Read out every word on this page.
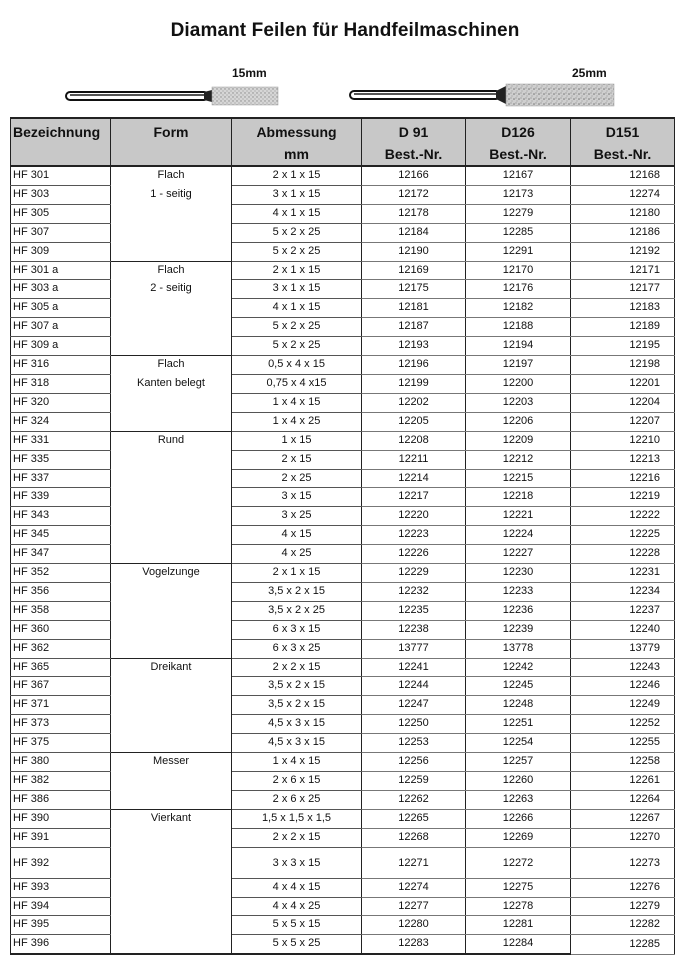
Diamant Feilen für Handfeilmaschinen
15mm	25mm
Bezeichnung	Form	Abmessung	D 91	D126	D151
		mm	Best.-Nr.	Best.-Nr.	Best.-Nr.
HF 301	Flach	2 x 1 x 15	12166	12167	12168
HF 303	1 - seitig	3 x 1 x 15	12172	12173	12274
HF 305		4 x 1 x 15	12178	12279	12180
HF 307		5 x 2 x 25	12184	12285	12186
HF 309		5 x 2 x 25	12190	12291	12192
HF 301 a	Flach	2 x 1 x 15	12169	12170	12171
HF 303 a	2 - seitig	3 x 1 x 15	12175	12176	12177
HF 305 a		4 x 1 x 15	12181	12182	12183
HF 307 a		5 x 2 x 25	12187	12188	12189
HF 309 a		5 x 2 x 25	12193	12194	12195
HF 316	Flach	0,5 x 4 x 15	12196	12197	12198
HF 318	Kanten belegt	0,75 x 4 x15	12199	12200	12201
HF 320		1 x 4 x 15	12202	12203	12204
HF 324		1 x 4 x 25	12205	12206	12207
HF 331	Rund	1 x 15	12208	12209	12210
HF 335		2 x 15	12211	12212	12213
HF 337		2 x 25	12214	12215	12216
HF 339		3 x 15	12217	12218	12219
HF 343		3 x 25	12220	12221	12222
HF 345		4 x 15	12223	12224	12225
HF 347		4 x 25	12226	12227	12228
HF 352	Vogelzunge	2 x 1 x 15	12229	12230	12231
HF 356		3,5 x 2 x 15	12232	12233	12234
HF 358		3,5 x 2 x 25	12235	12236	12237
HF 360		6 x 3 x 15	12238	12239	12240
HF 362		6 x 3 x 25	13777	13778	13779
HF 365	Dreikant	2 x 2 x 15	12241	12242	12243
HF 367		3,5 x 2 x 15	12244	12245	12246
HF 371		3,5 x 2 x 15	12247	12248	12249
HF 373		4,5 x 3 x 15	12250	12251	12252
HF 375		4,5 x 3 x 15	12253	12254	12255
HF 380	Messer	1 x 4 x 15	12256	12257	12258
HF 382		2 x 6 x 15	12259	12260	12261
HF 386		2 x 6 x 25	12262	12263	12264
HF 390	Vierkant	1,5 x 1,5 x 1,5	12265	12266	12267
HF 391		2 x 2 x 15	12268	12269	12270
HF 392		3 x 3 x 15	12271	12272	12273
HF 393		4 x 4 x 15	12274	12275	12276
HF 394		4 x 4 x 25	12277	12278	12279
HF 395		5 x 5 x 15	12280	12281	12282
HF 396		5 x 5 x 25	12283	12284	12285
